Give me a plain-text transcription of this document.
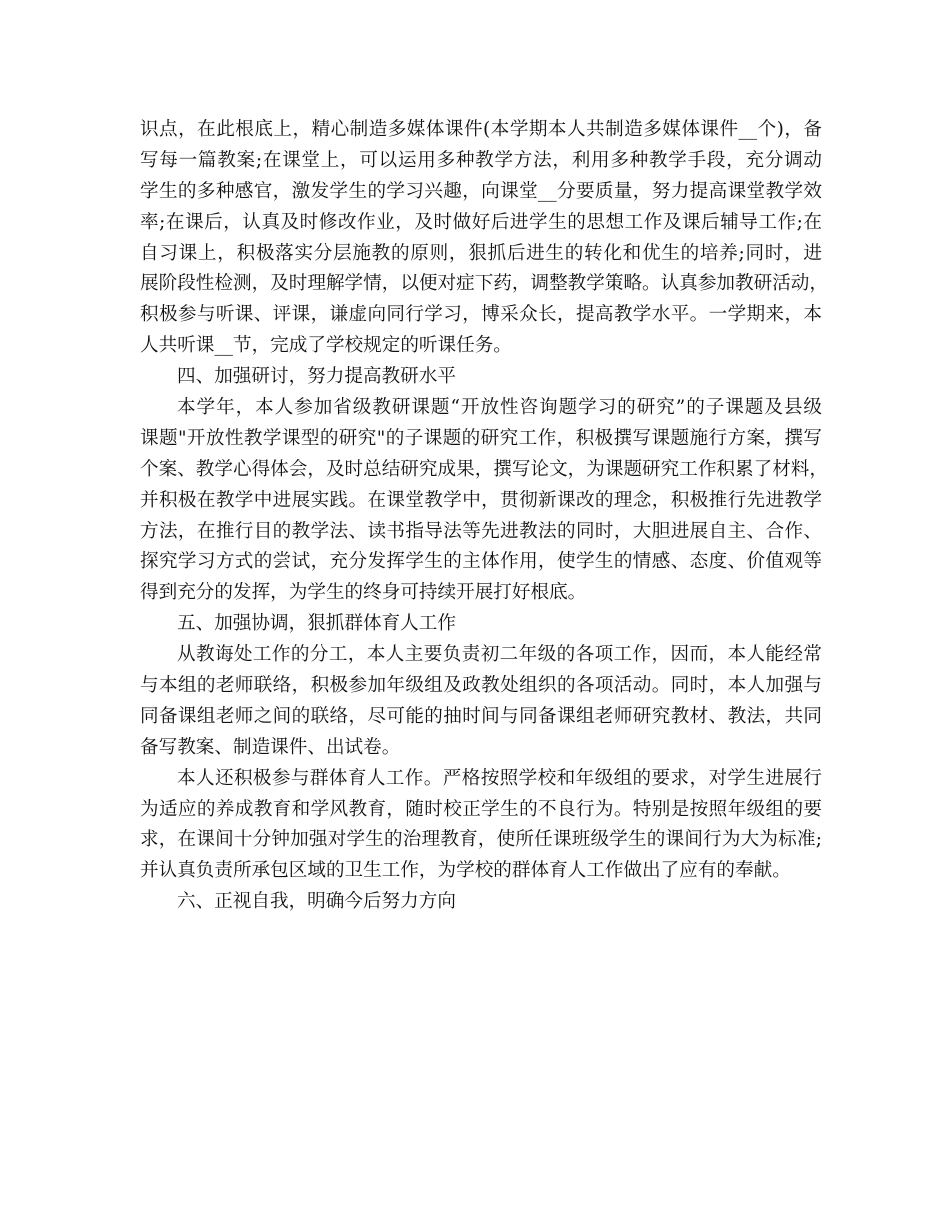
识点，在此根底上，精心制造多媒体课件(本学期本人共制造多媒体课件__个)，备
写每一篇教案;在课堂上，可以运用多种教学方法，利用多种教学手段，充分调动
学生的多种感官，激发学生的学习兴趣，向课堂__分要质量，努力提高课堂教学效
率;在课后，认真及时修改作业，及时做好后进学生的思想工作及课后辅导工作;在
自习课上，积极落实分层施教的原则，狠抓后进生的转化和优生的培养;同时，进
展阶段性检测，及时理解学情，以便对症下药，调整教学策略。认真参加教研活动，
积极参与听课、评课，谦虚向同行学习，博采众长，提高教学水平。一学期来，本
人共听课__节，完成了学校规定的听课任务。
四、加强研讨，努力提高教研水平
本学年，本人参加省级教研课题“开放性咨询题学习的研究”的子课题及县级
课题"开放性教学课型的研究"的子课题的研究工作，积极撰写课题施行方案，撰写
个案、教学心得体会，及时总结研究成果，撰写论文，为课题研究工作积累了材料，
并积极在教学中进展实践。在课堂教学中，贯彻新课改的理念，积极推行先进教学
方法，在推行目的教学法、读书指导法等先进教法的同时，大胆进展自主、合作、
探究学习方式的尝试，充分发挥学生的主体作用，使学生的情感、态度、价值观等
得到充分的发挥，为学生的终身可持续开展打好根底。
五、加强协调，狠抓群体育人工作
从教诲处工作的分工，本人主要负责初二年级的各项工作，因而，本人能经常
与本组的老师联络，积极参加年级组及政教处组织的各项活动。同时，本人加强与
同备课组老师之间的联络，尽可能的抽时间与同备课组老师研究教材、教法，共同
备写教案、制造课件、出试卷。
本人还积极参与群体育人工作。严格按照学校和年级组的要求，对学生进展行
为适应的养成教育和学风教育，随时校正学生的不良行为。特别是按照年级组的要
求，在课间十分钟加强对学生的治理教育，使所任课班级学生的课间行为大为标准;
并认真负责所承包区域的卫生工作，为学校的群体育人工作做出了应有的奉献。
六、正视自我，明确今后努力方向
